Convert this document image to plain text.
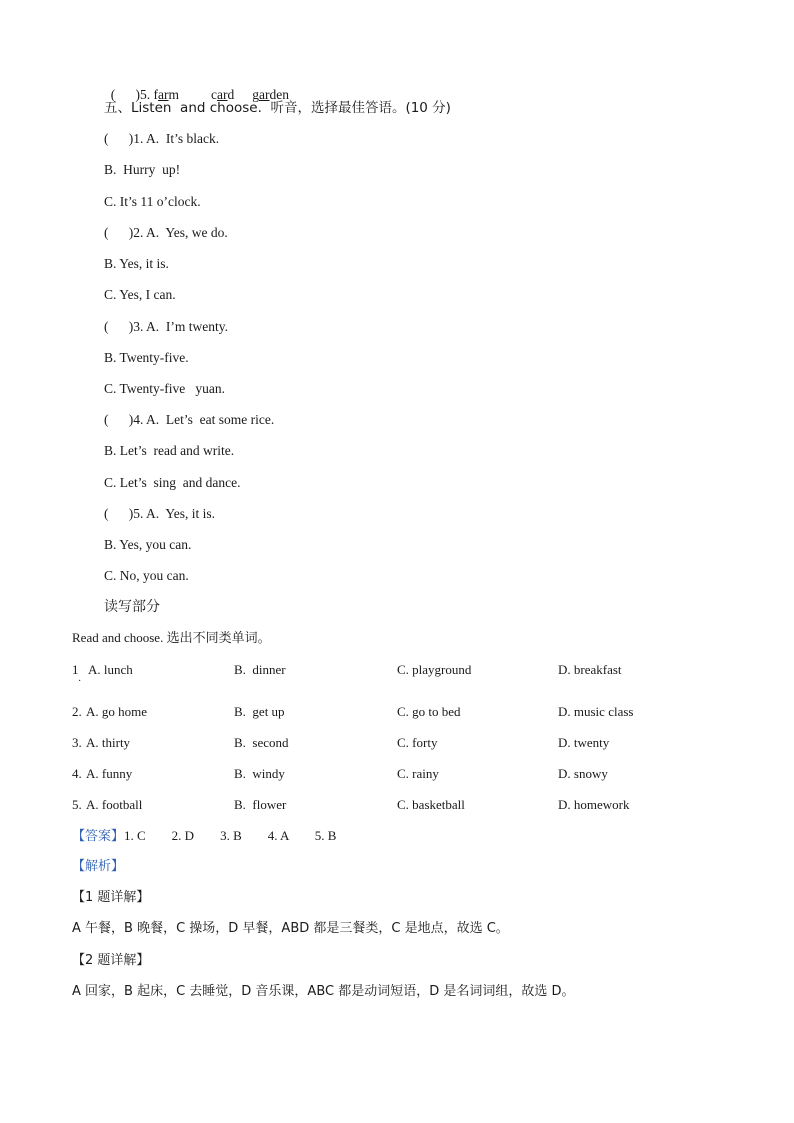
(      )5. farm card garden

五、Listen  and choose.  听音，选择最佳答语。(10 分)
(      )1. A.  It’s black.
B.  Hurry  up!
C. It’s 11 o’clock.
(      )2. A.  Yes, we do.
B. Yes, it is.
C. Yes, I can.
(      )3. A.  I’m twenty.
B. Twenty-five.
C. Twenty-five   yuan.
(      )4. A.  Let’s  eat some rice.
B. Let’s  read and write.
C. Let’s  sing  and dance.
(      )5. A.  Yes, it is.
B. Yes, you can.
C. No, you can.
读写部分
Read and choose. 选出不同类单词。
1
·
A. lunch	B.  dinner	C. playground	D. breakfast
2. A. go home	B.  get up	C. go to bed	D. music class
3. A. thirty	B.  second	C. forty	D. twenty
4. A. funny	B.  windy	C. rainy	D. snowy
5. A. football	B.  flower	C. basketball	D. homework
【答案】1. C        2. D        3. B        4. A        5. B
【解析】
【1 题详解】
A 午餐，B 晚餐，C 操场，D 早餐，ABD 都是三餐类，C 是地点，故选 C。
【2 题详解】
A 回家，B 起床，C 去睡觉，D 音乐课，ABC 都是动词短语，D 是名词词组，故选 D。
